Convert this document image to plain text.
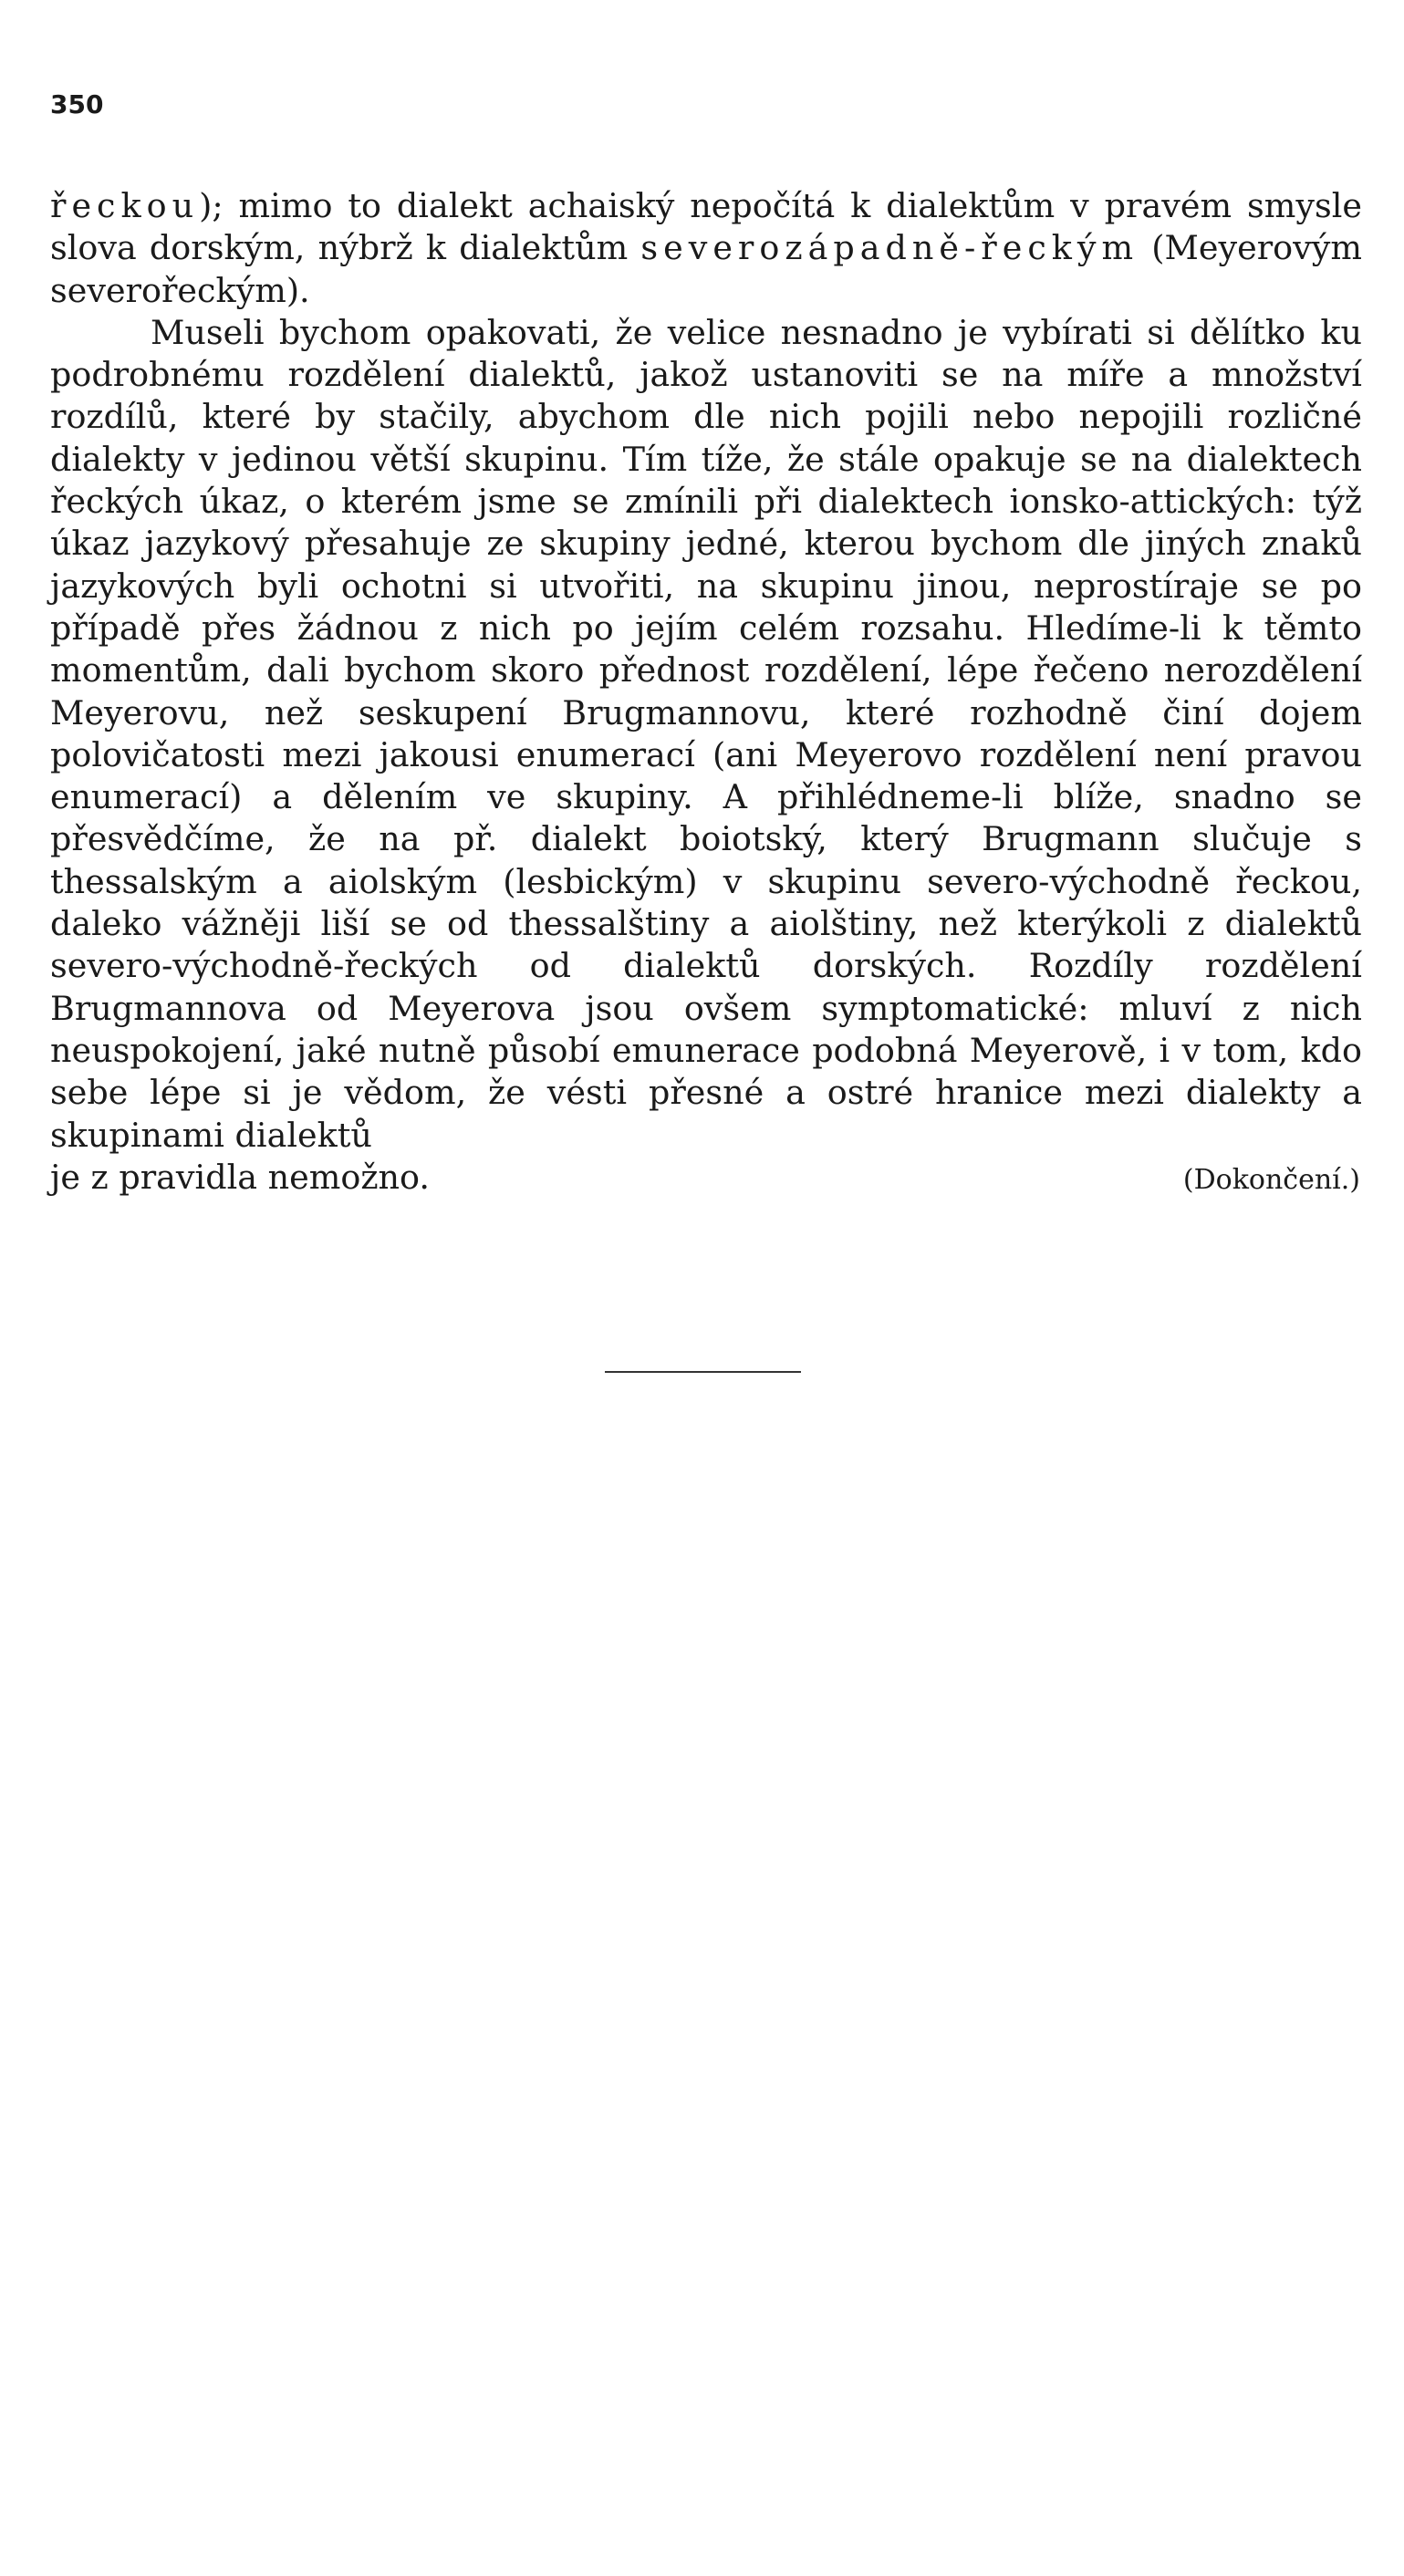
350

řeckou); mimo to dialekt achaiský nepočítá k dialektům v pravém smysle slova dorským, nýbrž k dialektům severozápadně-řeckým (Meyerovým severořeckým).

Museli bychom opakovati, že velice nesnadno je vybírati si dělítko ku podrobnému rozdělení dialektů, jakož ustanoviti se na míře a množství rozdílů, které by stačily, abychom dle nich pojili nebo nepojili rozličné dialekty v jedinou větší skupinu. Tím tíže, že stále opakuje se na dialektech řeckých úkaz, o kterém jsme se zmínili při dialektech ionsko-attických: týž úkaz jazykový přesahuje ze skupiny jedné, kterou bychom dle jiných znaků jazykových byli ochotni si utvořiti, na skupinu jinou, neprostíraje se po případě přes žádnou z nich po jejím celém rozsahu. Hledíme-li k těmto momentům, dali bychom skoro přednost rozdělení, lépe řečeno nerozdělení Meyerovu, než seskupení Brugmannovu, které rozhodně činí dojem polovičatosti mezi jakousi enumerací (ani Meyerovo rozdělení není pravou enumerací) a dělením ve skupiny. A přihlédneme-li blíže, snadno se přesvědčíme, že na př. dialekt boiotský, který Brugmann slučuje s thessalským a aiolským (lesbickým) v skupinu severo-východně řeckou, daleko vážněji liší se od thessalštiny a aiolštiny, než kterýkoli z dialektů severo-východně-řeckých od dialektů dorských. Rozdíly rozdělení Brugmannova od Meyerova jsou ovšem symptomatické: mluví z nich neuspokojení, jaké nutně působí emunerace podobná Meyerově, i v tom, kdo sebe lépe si je vědom, že vésti přesné a ostré hranice mezi dialekty a skupinami dialektů

je z pravidla nemožno.	(Dokončení.)
